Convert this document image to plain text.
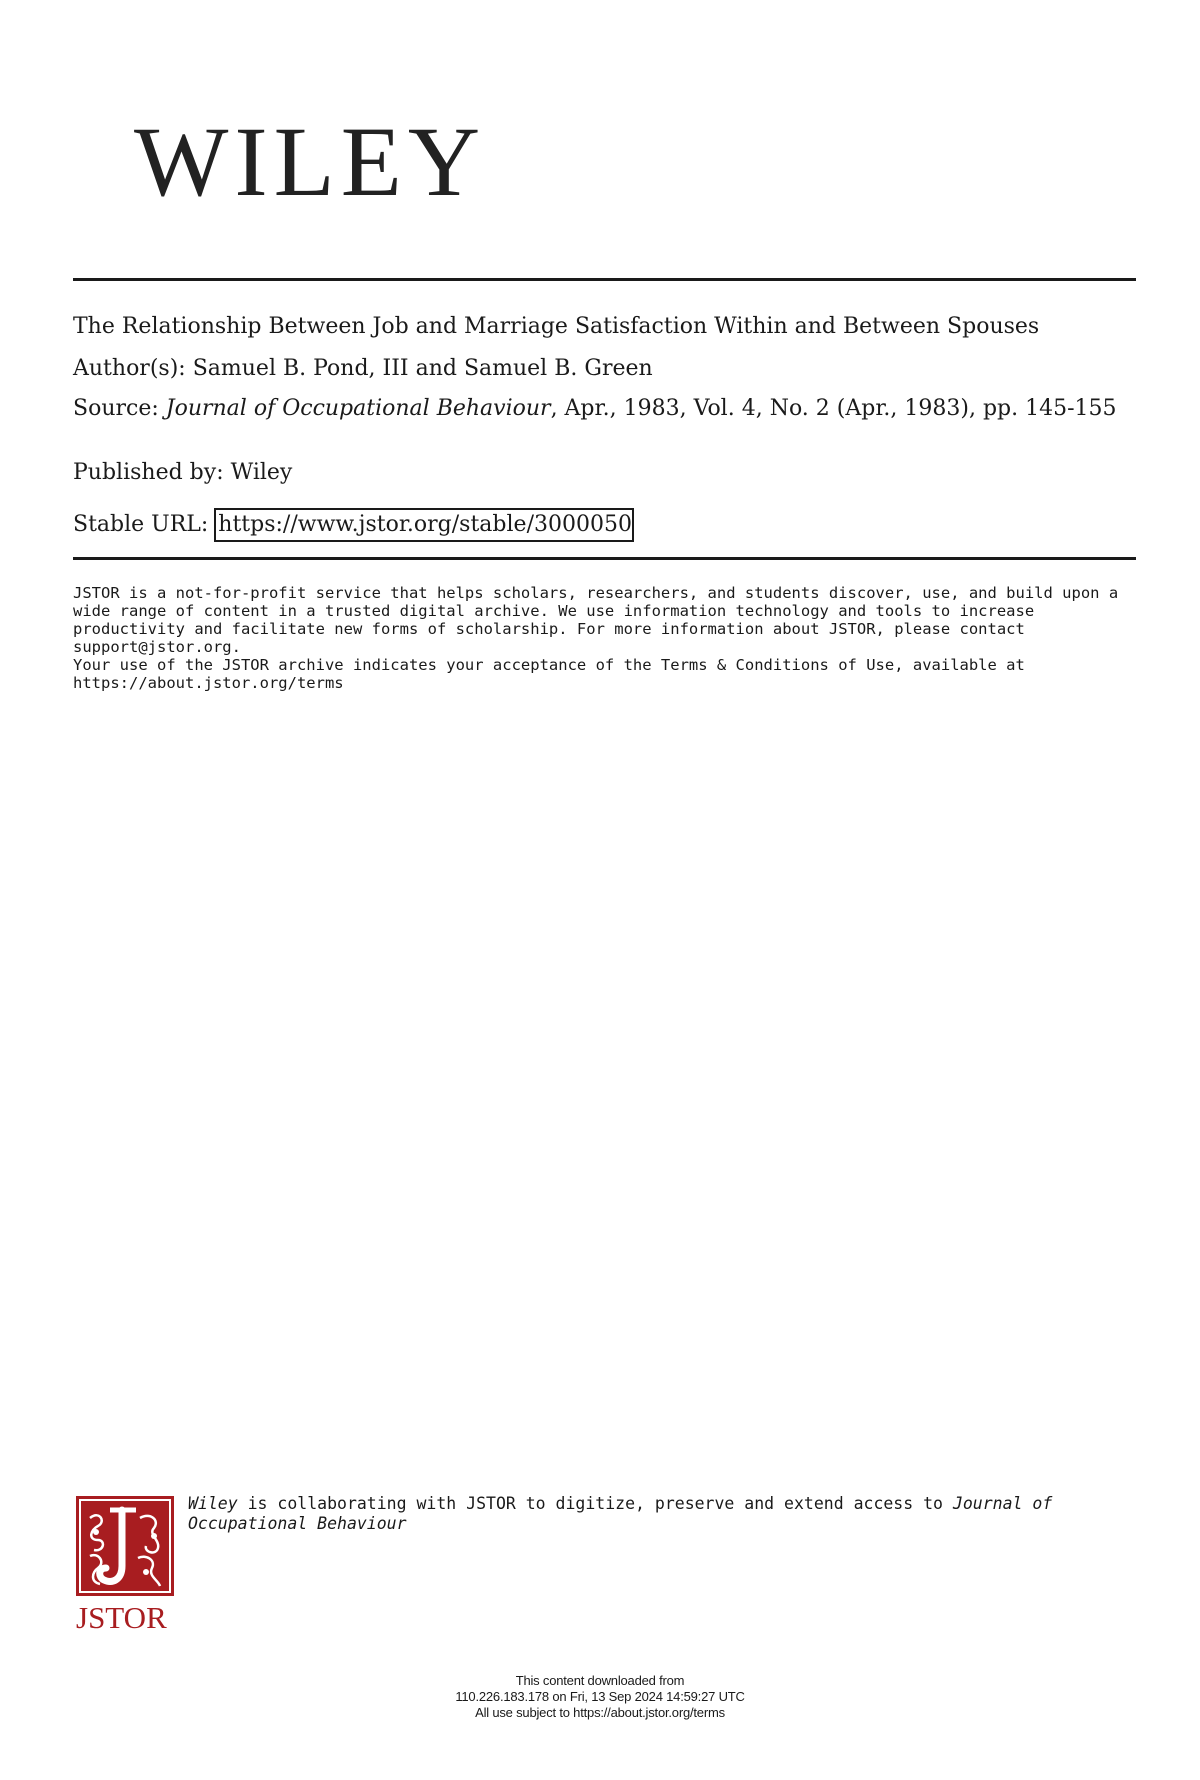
WILEY
The Relationship Between Job and Marriage Satisfaction Within and Between Spouses
Author(s): Samuel B. Pond, III and Samuel B. Green
Source: Journal of Occupational Behaviour, Apr., 1983, Vol. 4, No. 2 (Apr., 1983), pp. 145-155
Published by: Wiley
Stable URL: https://www.jstor.org/stable/3000050
JSTOR is a not-for-profit service that helps scholars, researchers, and students discover, use, and build upon a wide range of content in a trusted digital archive. We use information technology and tools to increase productivity and facilitate new forms of scholarship. For more information about JSTOR, please contact support@jstor.org.
Your use of the JSTOR archive indicates your acceptance of the Terms & Conditions of Use, available at https://about.jstor.org/terms
JSTOR
Wiley is collaborating with JSTOR to digitize, preserve and extend access to Journal of Occupational Behaviour
This content downloaded from
110.226.183.178 on Fri, 13 Sep 2024 14:59:27 UTC
All use subject to https://about.jstor.org/terms
